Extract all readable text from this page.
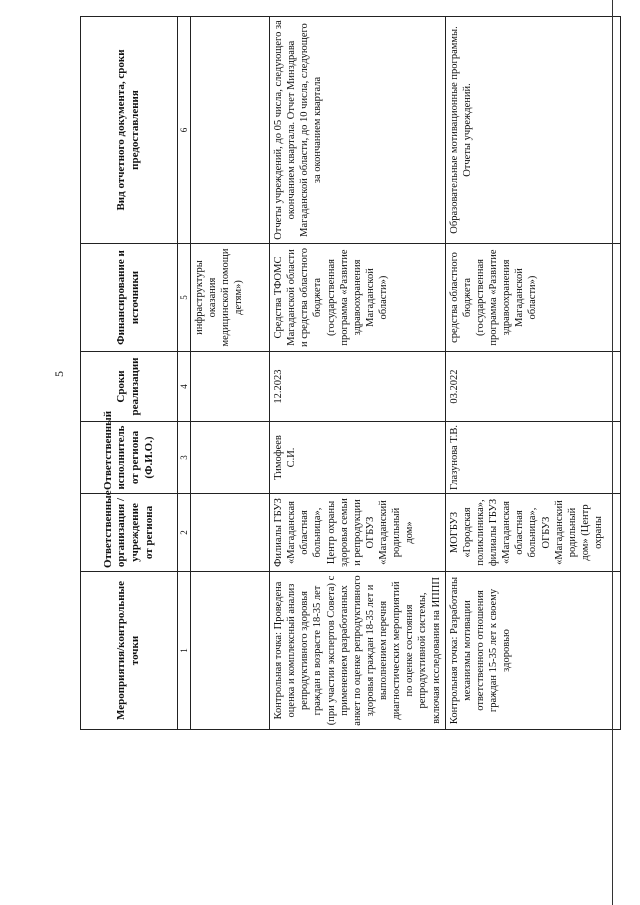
5
Мероприятия/контрольные точки	Ответственные организация / учреждение от региона	Ответственный исполнитель от региона (Ф.И.О.)	Сроки реализации	Финансирование и источники	Вид отчетного документа, сроки предоставления
1	2	3	4	5	6
				инфраструктуры оказания медицинской помощи детям»)	
Контрольная точка: Проведена оценка и комплексный анализ репродуктивного здоровья граждан в возрасте 18-35 лет (при участии экспертов Совета) с применением разработанных анкет по оценке репродуктивного здоровья граждан 18-35 лет и выполнением перечня диагностических мероприятий по оценке состояния репродуктивной системы, включая исследования на ИППП	Филиалы ГБУЗ «Магаданская областная больница», Центр охраны здоровья семьи и репродукции ОГБУЗ «Магаданский родильный дом»	Тимофеев С.И.	12.2023	Средства ТФОМС Магаданской области и средства областного бюджета (государственная программа «Развитие здравоохранения Магаданской области»)	Отчеты учреждений, до 05 числа, следующего за окончанием квартала. Отчет Минздрава Магаданской области, до 10 числа, следующего за окончанием квартала
Контрольная точка: Разработаны механизмы мотивации ответственного отношения граждан 15-35 лет к своему здоровью	МОГБУЗ «Городская поликлиника», филиалы ГБУЗ «Магаданская областная больница», ОГБУЗ «Магаданский родильный дом» (Центр охраны	Глазунова Т.В.	03.2022	средства областного бюджета (государственная программа «Развитие здравоохранения Магаданской области»)	Образовательные мотивационные программы. Отчеты учреждений.
